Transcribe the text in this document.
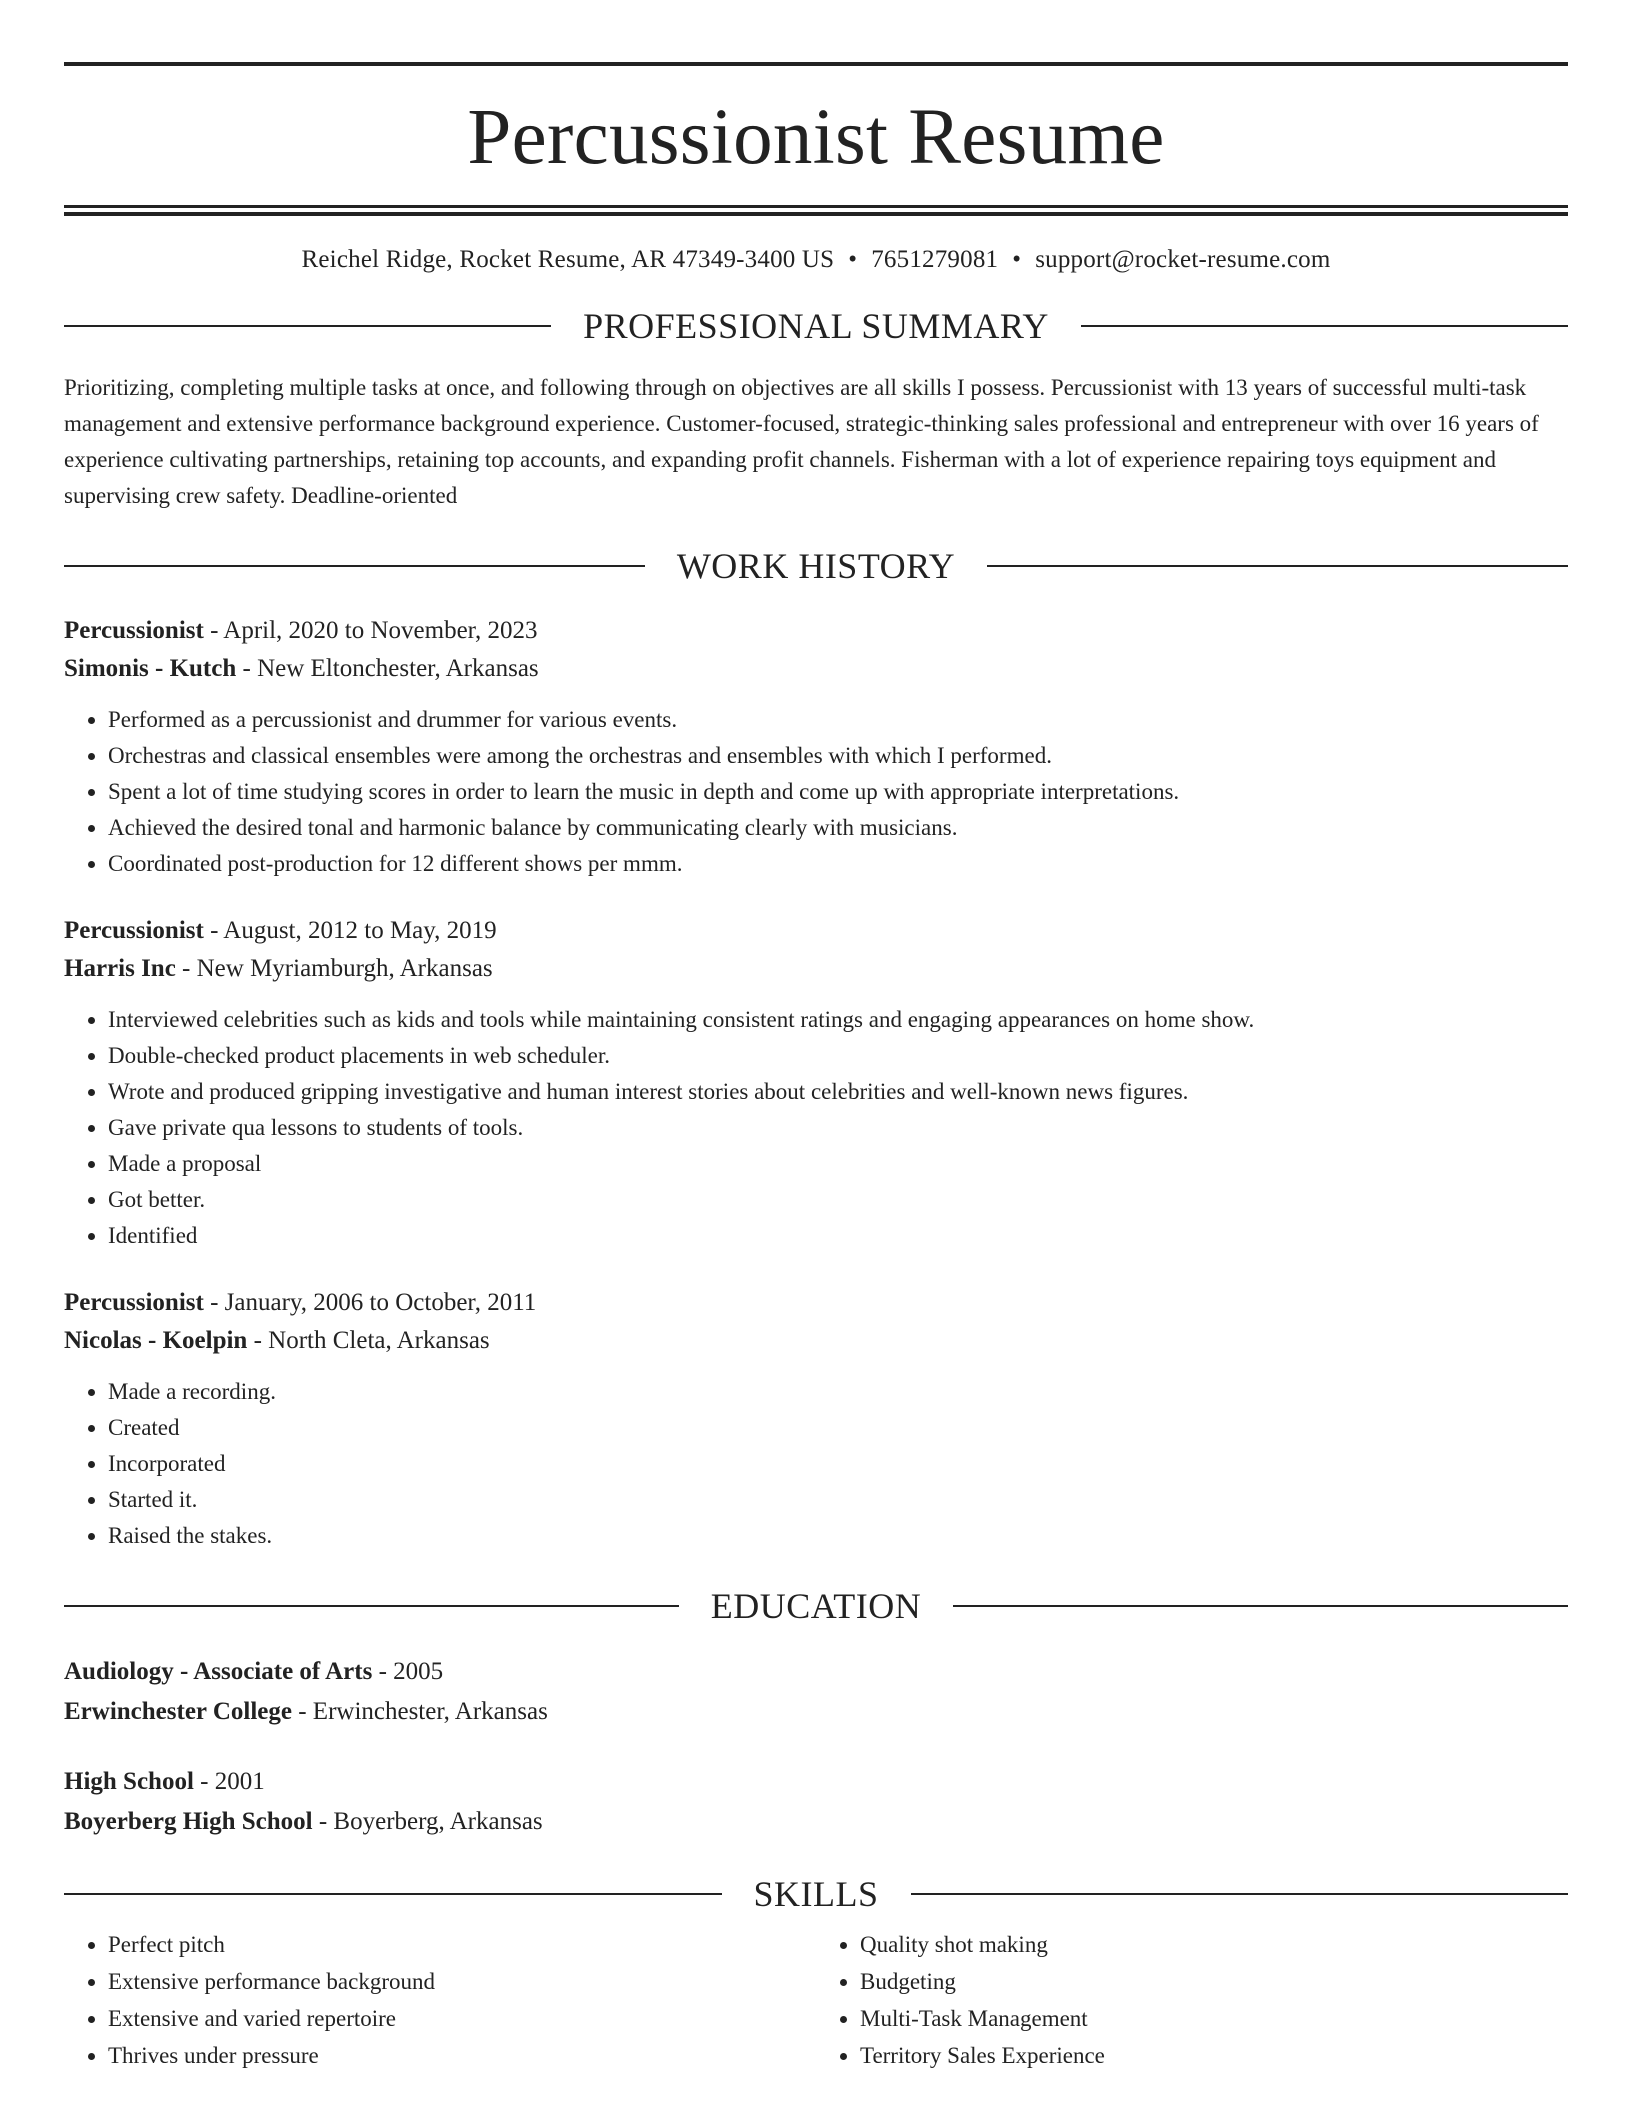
Percussionist Resume
Reichel Ridge, Rocket Resume, AR 47349-3400 US • 7651279081 • support@rocket-resume.com
PROFESSIONAL SUMMARY
Prioritizing, completing multiple tasks at once, and following through on objectives are all skills I possess. Percussionist with 13 years of successful multi-task management and extensive performance background experience. Customer-focused, strategic-thinking sales professional and entrepreneur with over 16 years of experience cultivating partnerships, retaining top accounts, and expanding profit channels. Fisherman with a lot of experience repairing toys equipment and supervising crew safety. Deadline-oriented
WORK HISTORY
Percussionist - April, 2020 to November, 2023
Simonis - Kutch - New Eltonchester, Arkansas
• Performed as a percussionist and drummer for various events.
• Orchestras and classical ensembles were among the orchestras and ensembles with which I performed.
• Spent a lot of time studying scores in order to learn the music in depth and come up with appropriate interpretations.
• Achieved the desired tonal and harmonic balance by communicating clearly with musicians.
• Coordinated post-production for 12 different shows per mmm.
Percussionist - August, 2012 to May, 2019
Harris Inc - New Myriamburgh, Arkansas
• Interviewed celebrities such as kids and tools while maintaining consistent ratings and engaging appearances on home show.
• Double-checked product placements in web scheduler.
• Wrote and produced gripping investigative and human interest stories about celebrities and well-known news figures.
• Gave private qua lessons to students of tools.
• Made a proposal
• Got better.
• Identified
Percussionist - January, 2006 to October, 2011
Nicolas - Koelpin - North Cleta, Arkansas
• Made a recording.
• Created
• Incorporated
• Started it.
• Raised the stakes.
EDUCATION
Audiology - Associate of Arts - 2005
Erwinchester College - Erwinchester, Arkansas
High School - 2001
Boyerberg High School - Boyerberg, Arkansas
SKILLS
• Perfect pitch
• Extensive performance background
• Extensive and varied repertoire
• Thrives under pressure
• Quality shot making
• Budgeting
• Multi-Task Management
• Territory Sales Experience
